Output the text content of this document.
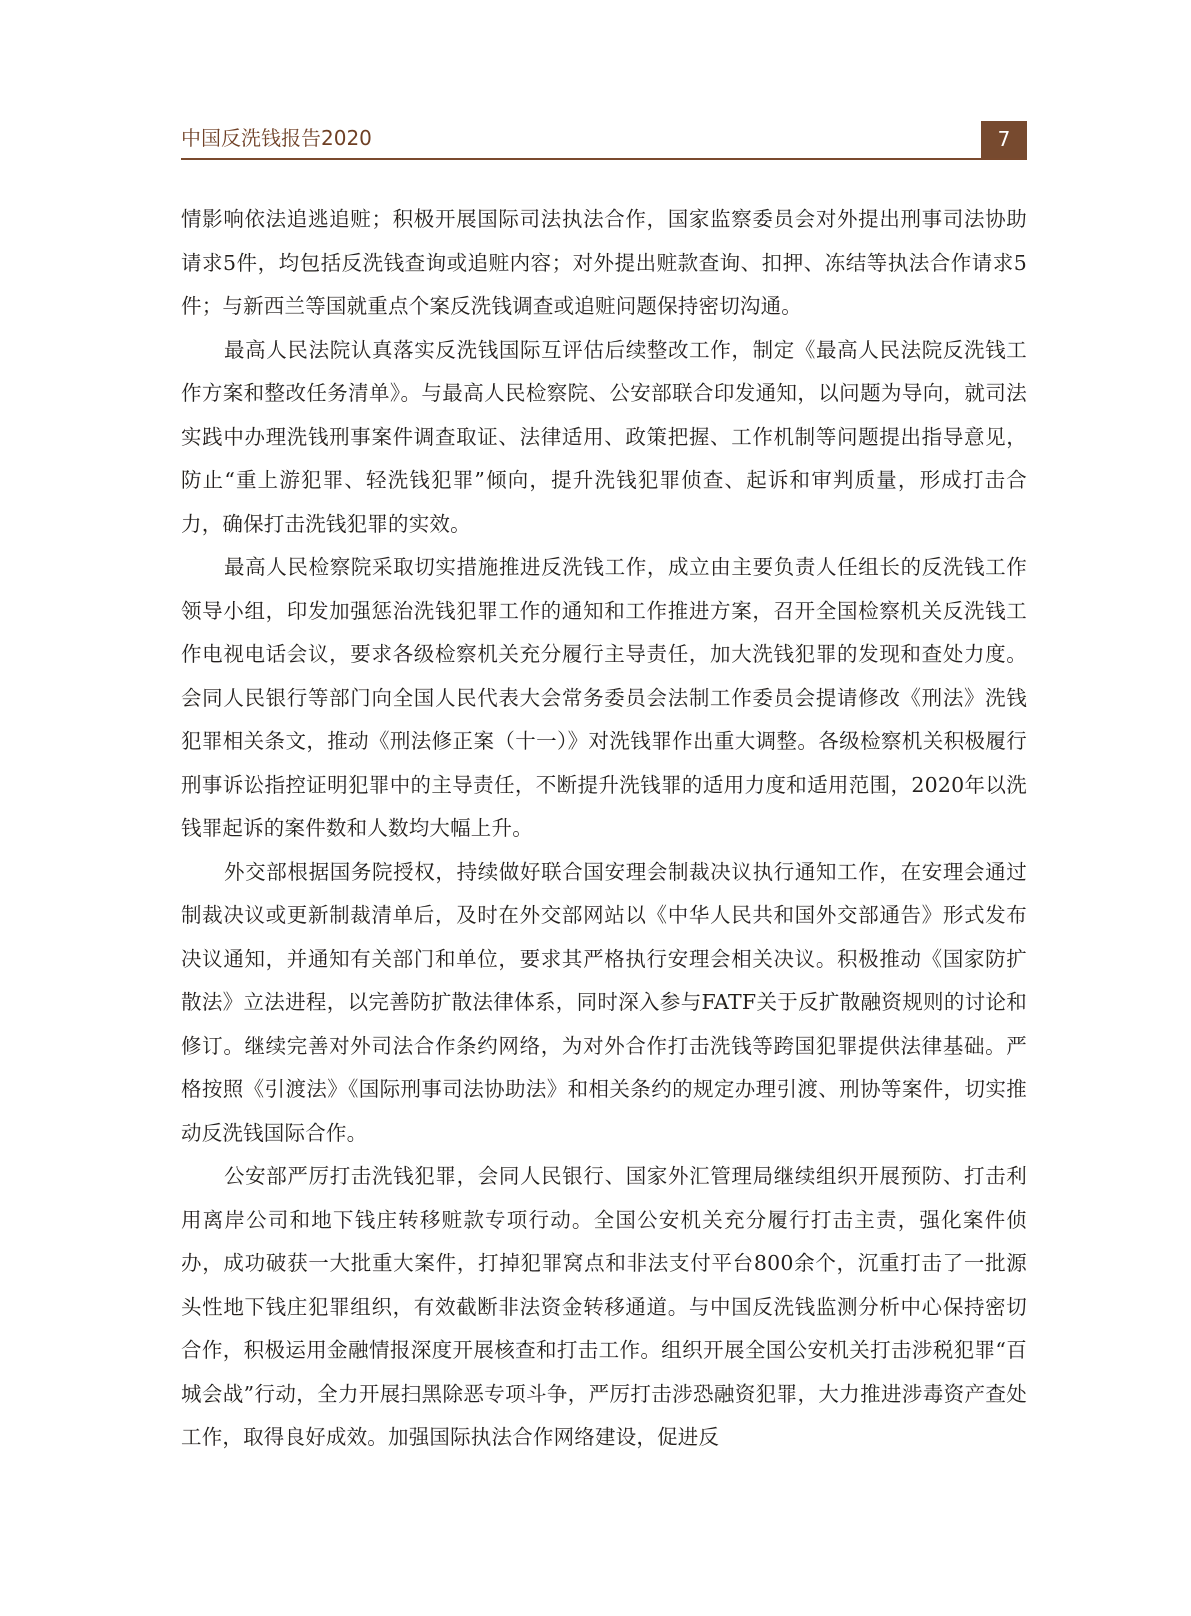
中国反洗钱报告2020	7

情影响依法追逃追赃；积极开展国际司法执法合作，国家监察委员会对外提出刑事司法协助请求5件，均包括反洗钱查询或追赃内容；对外提出赃款查询、扣押、冻结等执法合作请求5件；与新西兰等国就重点个案反洗钱调查或追赃问题保持密切沟通。

最高人民法院认真落实反洗钱国际互评估后续整改工作，制定《最高人民法院反洗钱工作方案和整改任务清单》。与最高人民检察院、公安部联合印发通知，以问题为导向，就司法实践中办理洗钱刑事案件调查取证、法律适用、政策把握、工作机制等问题提出指导意见，防止“重上游犯罪、轻洗钱犯罪”倾向，提升洗钱犯罪侦查、起诉和审判质量，形成打击合力，确保打击洗钱犯罪的实效。

最高人民检察院采取切实措施推进反洗钱工作，成立由主要负责人任组长的反洗钱工作领导小组，印发加强惩治洗钱犯罪工作的通知和工作推进方案，召开全国检察机关反洗钱工作电视电话会议，要求各级检察机关充分履行主导责任，加大洗钱犯罪的发现和查处力度。会同人民银行等部门向全国人民代表大会常务委员会法制工作委员会提请修改《刑法》洗钱犯罪相关条文，推动《刑法修正案（十一）》对洗钱罪作出重大调整。各级检察机关积极履行刑事诉讼指控证明犯罪中的主导责任，不断提升洗钱罪的适用力度和适用范围，2020年以洗钱罪起诉的案件数和人数均大幅上升。

外交部根据国务院授权，持续做好联合国安理会制裁决议执行通知工作，在安理会通过制裁决议或更新制裁清单后，及时在外交部网站以《中华人民共和国外交部通告》形式发布决议通知，并通知有关部门和单位，要求其严格执行安理会相关决议。积极推动《国家防扩散法》立法进程，以完善防扩散法律体系，同时深入参与FATF关于反扩散融资规则的讨论和修订。继续完善对外司法合作条约网络，为对外合作打击洗钱等跨国犯罪提供法律基础。严格按照《引渡法》《国际刑事司法协助法》和相关条约的规定办理引渡、刑协等案件，切实推动反洗钱国际合作。

公安部严厉打击洗钱犯罪，会同人民银行、国家外汇管理局继续组织开展预防、打击利用离岸公司和地下钱庄转移赃款专项行动。全国公安机关充分履行打击主责，强化案件侦办，成功破获一大批重大案件，打掉犯罪窝点和非法支付平台800余个，沉重打击了一批源头性地下钱庄犯罪组织，有效截断非法资金转移通道。与中国反洗钱监测分析中心保持密切合作，积极运用金融情报深度开展核查和打击工作。组织开展全国公安机关打击涉税犯罪“百城会战”行动，全力开展扫黑除恶专项斗争，严厉打击涉恐融资犯罪，大力推进涉毒资产查处工作，取得良好成效。加强国际执法合作网络建设，促进反
